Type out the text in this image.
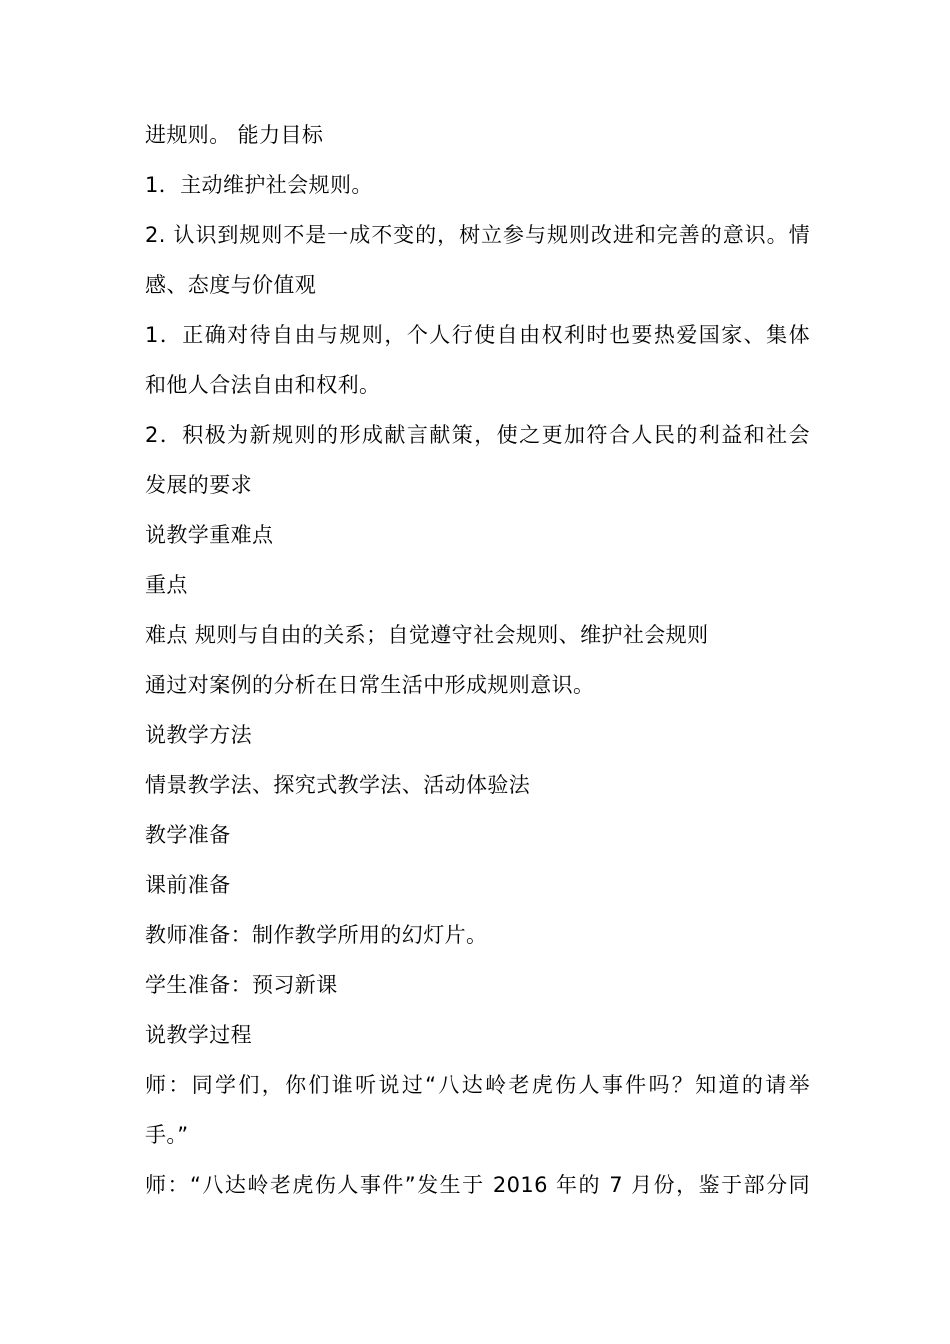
进规则。 能力目标
1．主动维护社会规则。
2. 认识到规则不是一成不变的，树立参与规则改进和完善的意识。情
感、态度与价值观
1．正确对待自由与规则，个人行使自由权利时也要热爱国家、集体
和他人合法自由和权利。
2．积极为新规则的形成献言献策，使之更加符合人民的利益和社会
发展的要求
说教学重难点
重点
难点 规则与自由的关系；自觉遵守社会规则、维护社会规则
通过对案例的分析在日常生活中形成规则意识。
说教学方法
情景教学法、探究式教学法、活动体验法
教学准备
课前准备
教师准备：制作教学所用的幻灯片。
学生准备：预习新课
说教学过程
师：同学们，你们谁听说过“八达岭老虎伤人事件吗？知道的请举
手。”
师：“八达岭老虎伤人事件”发生于 2016 年的 7 月份，鉴于部分同
